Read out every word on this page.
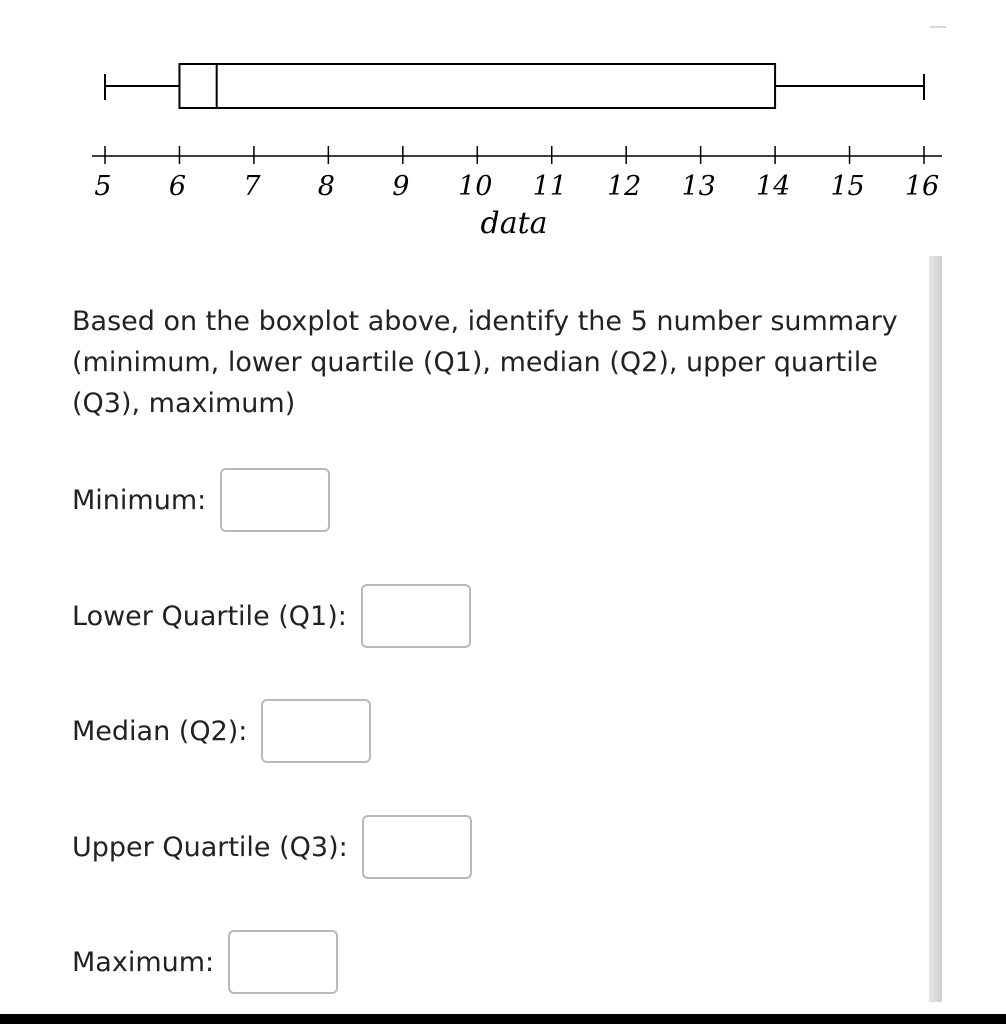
5 6 7 8 9 10 11 12 13 14 15 16
data
Based on the boxplot above, identify the 5 number summary (minimum, lower quartile (Q1), median (Q2), upper quartile (Q3), maximum)
Minimum:
Lower Quartile (Q1):
Median (Q2):
Upper Quartile (Q3):
Maximum:
